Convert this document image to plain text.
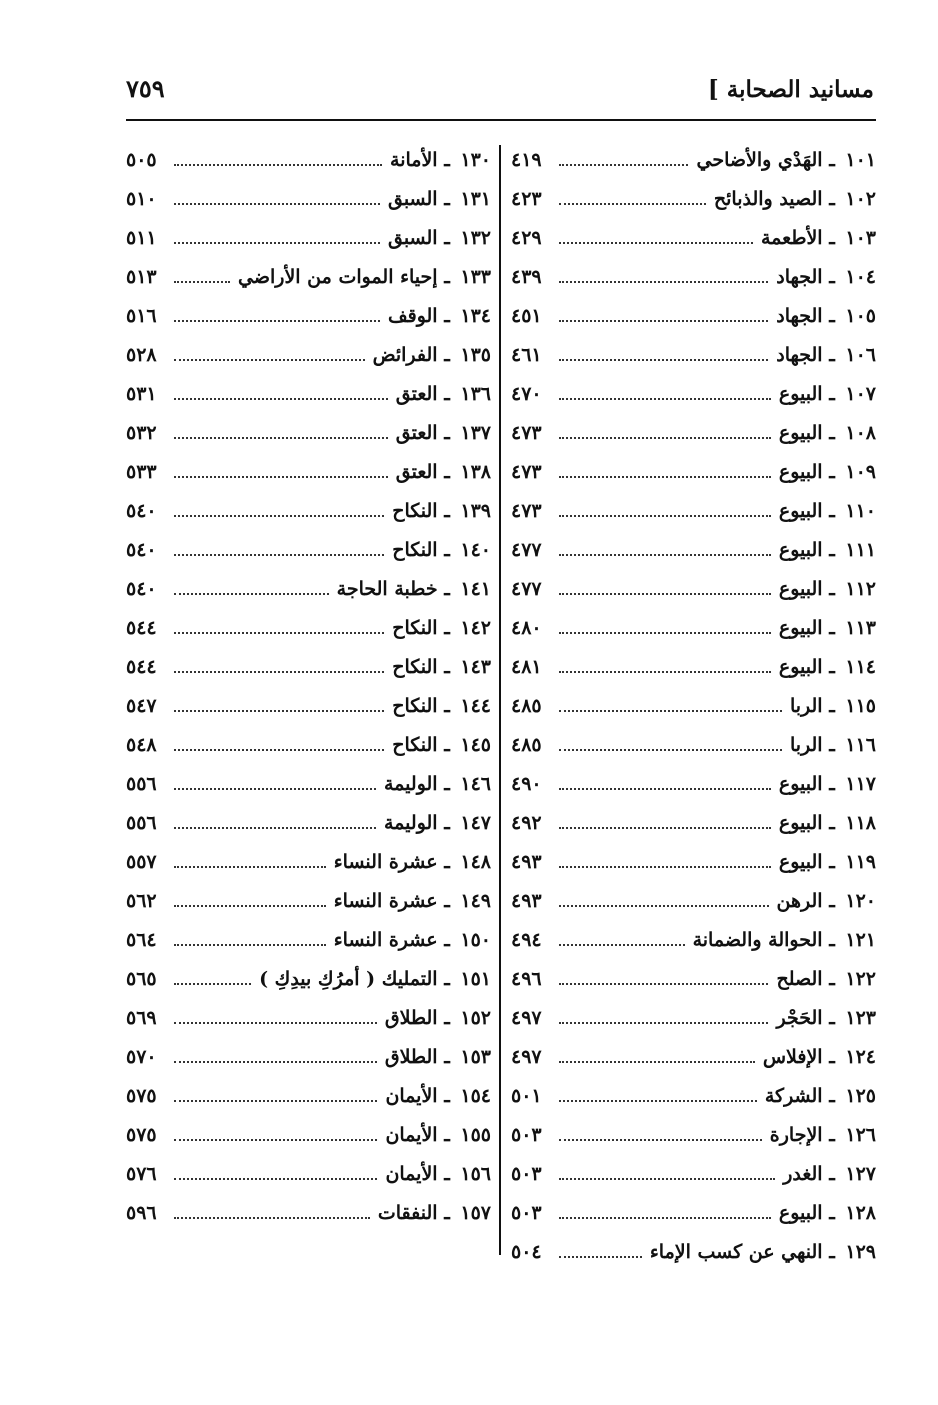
مسانيد الصحابة ]
٧٥٩
١٠١ ـ الهَدْي والأضاحي
٤١٩
١٠٢ ـ الصيد والذبائح
٤٢٣
١٠٣ ـ الأطعمة
٤٢٩
١٠٤ ـ الجهاد
٤٣٩
١٠٥ ـ الجهاد
٤٥١
١٠٦ ـ الجهاد
٤٦١
١٠٧ ـ البيوع
٤٧٠
١٠٨ ـ البيوع
٤٧٣
١٠٩ ـ البيوع
٤٧٣
١١٠ ـ البيوع
٤٧٣
١١١ ـ البيوع
٤٧٧
١١٢ ـ البيوع
٤٧٧
١١٣ ـ البيوع
٤٨٠
١١٤ ـ البيوع
٤٨١
١١٥ ـ الربا
٤٨٥
١١٦ ـ الربا
٤٨٥
١١٧ ـ البيوع
٤٩٠
١١٨ ـ البيوع
٤٩٢
١١٩ ـ البيوع
٤٩٣
١٢٠ ـ الرهن
٤٩٣
١٢١ ـ الحوالة والضمانة
٤٩٤
١٢٢ ـ الصلح
٤٩٦
١٢٣ ـ الحَجْر
٤٩٧
١٢٤ ـ الإفلاس
٤٩٧
١٢٥ ـ الشركة
٥٠١
١٢٦ ـ الإجارة
٥٠٣
١٢٧ ـ الغدر
٥٠٣
١٢٨ ـ البيوع
٥٠٣
١٢٩ ـ النهي عن كسب الإماء
٥٠٤
١٣٠ ـ الأمانة
٥٠٥
١٣١ ـ السبق
٥١٠
١٣٢ ـ السبق
٥١١
١٣٣ ـ إحياء الموات من الأراضي
٥١٣
١٣٤ ـ الوقف
٥١٦
١٣٥ ـ الفرائض
٥٢٨
١٣٦ ـ العتق
٥٣١
١٣٧ ـ العتق
٥٣٢
١٣٨ ـ العتق
٥٣٣
١٣٩ ـ النكاح
٥٤٠
١٤٠ ـ النكاح
٥٤٠
١٤١ ـ خطبة الحاجة
٥٤٠
١٤٢ ـ النكاح
٥٤٤
١٤٣ ـ النكاح
٥٤٤
١٤٤ ـ النكاح
٥٤٧
١٤٥ ـ النكاح
٥٤٨
١٤٦ ـ الوليمة
٥٥٦
١٤٧ ـ الوليمة
٥٥٦
١٤٨ ـ عشرة النساء
٥٥٧
١٤٩ ـ عشرة النساء
٥٦٢
١٥٠ ـ عشرة النساء
٥٦٤
١٥١ ـ التمليك ( أمرُكِ بيدِكِ )
٥٦٥
١٥٢ ـ الطلاق
٥٦٩
١٥٣ ـ الطلاق
٥٧٠
١٥٤ ـ الأيمان
٥٧٥
١٥٥ ـ الأيمان
٥٧٥
١٥٦ ـ الأيمان
٥٧٦
١٥٧ ـ النفقات
٥٩٦
